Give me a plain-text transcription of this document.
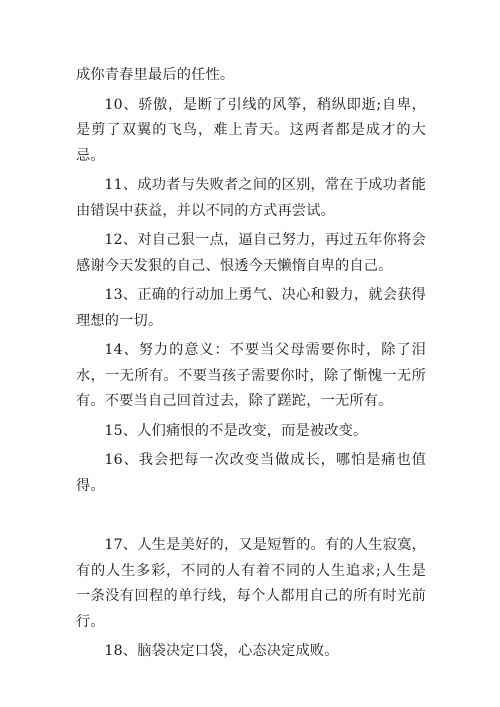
成你青春里最后的任性。

10、骄傲，是断了引线的风筝，稍纵即逝;自卑，是剪了双翼的飞鸟，难上青天。这两者都是成才的大忌。

11、成功者与失败者之间的区别，常在于成功者能由错误中获益，并以不同的方式再尝试。

12、对自己狠一点，逼自己努力，再过五年你将会感谢今天发狠的自己、恨透今天懒惰自卑的自己。

13、正确的行动加上勇气、决心和毅力，就会获得理想的一切。

14、努力的意义：不要当父母需要你时，除了泪水，一无所有。不要当孩子需要你时，除了惭愧一无所有。不要当自己回首过去，除了蹉跎，一无所有。

15、人们痛恨的不是改变，而是被改变。

16、我会把每一次改变当做成长，哪怕是痛也值得。

17、人生是美好的，又是短暂的。有的人生寂寞，有的人生多彩，不同的人有着不同的人生追求;人生是一条没有回程的单行线，每个人都用自己的所有时光前行。

18、脑袋决定口袋，心态决定成败。
